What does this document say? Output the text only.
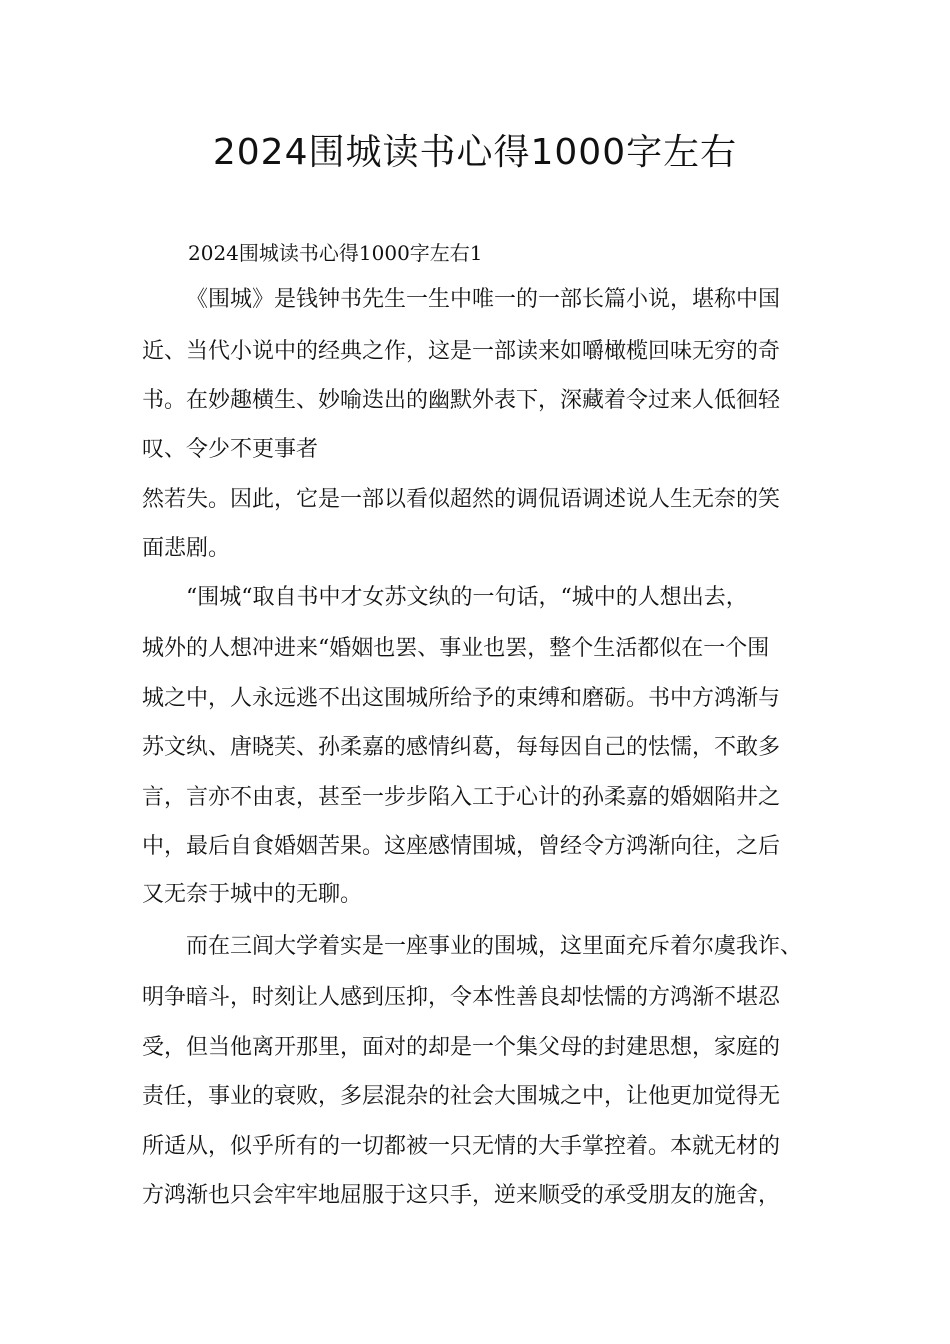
2024围城读书心得1000字左右
2024围城读书心得1000字左右1
《围城》是钱钟书先生一生中唯一的一部长篇小说，堪称中国
近、当代小说中的经典之作，这是一部读来如嚼橄榄回味无穷的奇
书。在妙趣横生、妙喻迭出的幽默外表下，深藏着令过来人低徊轻
叹、令少不更事者
然若失。因此，它是一部以看似超然的调侃语调述说人生无奈的笑
面悲剧。
“围城“取自书中才女苏文纨的一句话，“城中的人想出去，
城外的人想冲进来“婚姻也罢、事业也罢，整个生活都似在一个围
城之中，人永远逃不出这围城所给予的束缚和磨砺。书中方鸿渐与
苏文纨、唐晓芙、孙柔嘉的感情纠葛，每每因自己的怯懦，不敢多
言，言亦不由衷，甚至一步步陷入工于心计的孙柔嘉的婚姻陷井之
中，最后自食婚姻苦果。这座感情围城，曾经令方鸿渐向往，之后
又无奈于城中的无聊。
而在三闾大学着实是一座事业的围城，这里面充斥着尔虞我诈、
明争暗斗，时刻让人感到压抑，令本性善良却怯懦的方鸿渐不堪忍
受，但当他离开那里，面对的却是一个集父母的封建思想，家庭的
责任，事业的衰败，多层混杂的社会大围城之中，让他更加觉得无
所适从，似乎所有的一切都被一只无情的大手掌控着。本就无材的
方鸿渐也只会牢牢地屈服于这只手，逆来顺受的承受朋友的施舍，
